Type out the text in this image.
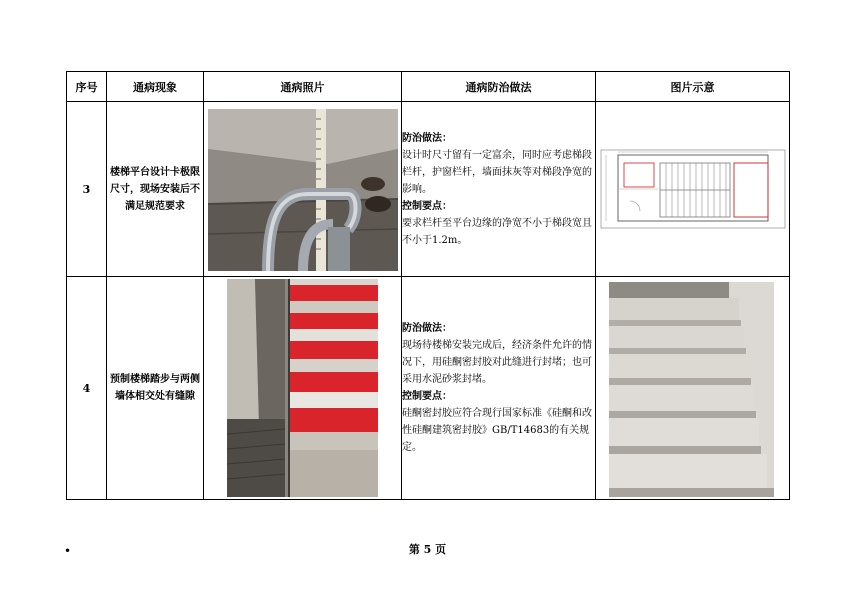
序号	通病现象	通病照片	通病防治做法	图片示意
3	楼梯平台设计卡极限尺寸，现场安装后不满足规范要求		防治做法：
设计时尺寸留有一定富余，同时应考虑梯段栏杆，护窗栏杆，墙面抹灰等对梯段净宽的影响。
控制要点：
要求栏杆至平台边缘的净宽不小于梯段宽且不小于1.2m。

4	预制楼梯踏步与两侧墙体相交处有缝隙		防治做法：
现场待楼梯安装完成后，经济条件允许的情况下，用硅酮密封胶对此缝进行封堵；也可采用水泥砂浆封堵。
控制要点：
硅酮密封胶应符合现行国家标准《硅酮和改性硅酮建筑密封胶》GB/T14683的有关规定。

•	第 5 页
